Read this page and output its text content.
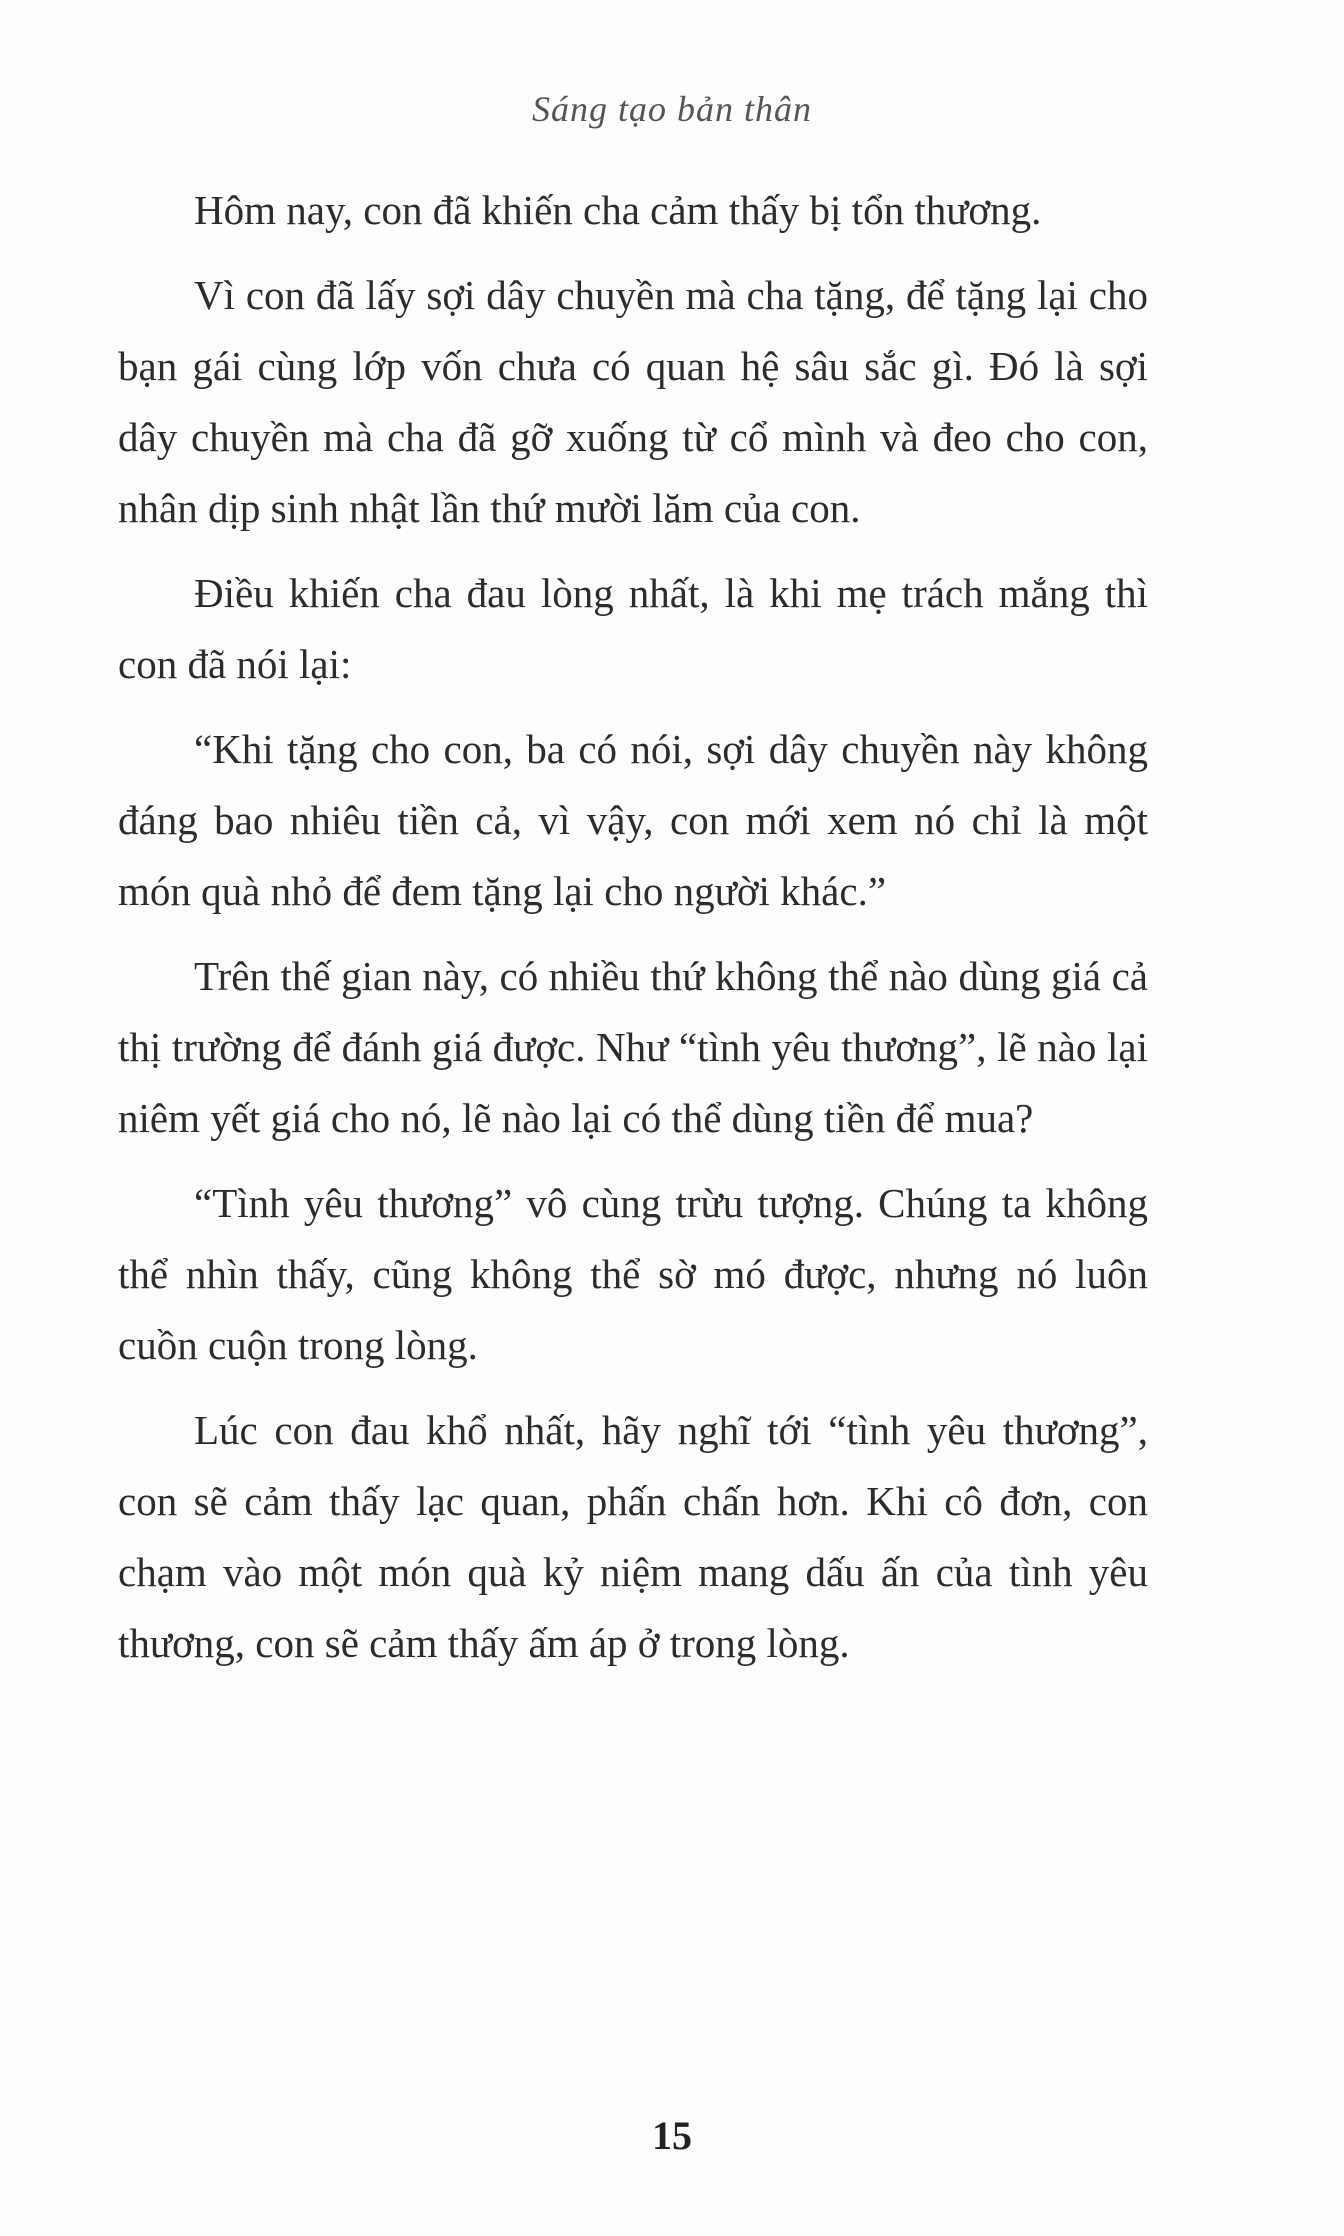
Sáng tạo bản thân

Hôm nay, con đã khiến cha cảm thấy bị tổn thương.

Vì con đã lấy sợi dây chuyền mà cha tặng, để tặng lại cho bạn gái cùng lớp vốn chưa có quan hệ sâu sắc gì. Đó là sợi dây chuyền mà cha đã gỡ xuống từ cổ mình và đeo cho con, nhân dịp sinh nhật lần thứ mười lăm của con.

Điều khiến cha đau lòng nhất, là khi mẹ trách mắng thì con đã nói lại:

“Khi tặng cho con, ba có nói, sợi dây chuyền này không đáng bao nhiêu tiền cả, vì vậy, con mới xem nó chỉ là một món quà nhỏ để đem tặng lại cho người khác.”

Trên thế gian này, có nhiều thứ không thể nào dùng giá cả thị trường để đánh giá được. Như “tình yêu thương”, lẽ nào lại niêm yết giá cho nó, lẽ nào lại có thể dùng tiền để mua?

“Tình yêu thương” vô cùng trừu tượng. Chúng ta không thể nhìn thấy, cũng không thể sờ mó được, nhưng nó luôn cuồn cuộn trong lòng.

Lúc con đau khổ nhất, hãy nghĩ tới “tình yêu thương”, con sẽ cảm thấy lạc quan, phấn chấn hơn. Khi cô đơn, con chạm vào một món quà kỷ niệm mang dấu ấn của tình yêu thương, con sẽ cảm thấy ấm áp ở trong lòng.

15
